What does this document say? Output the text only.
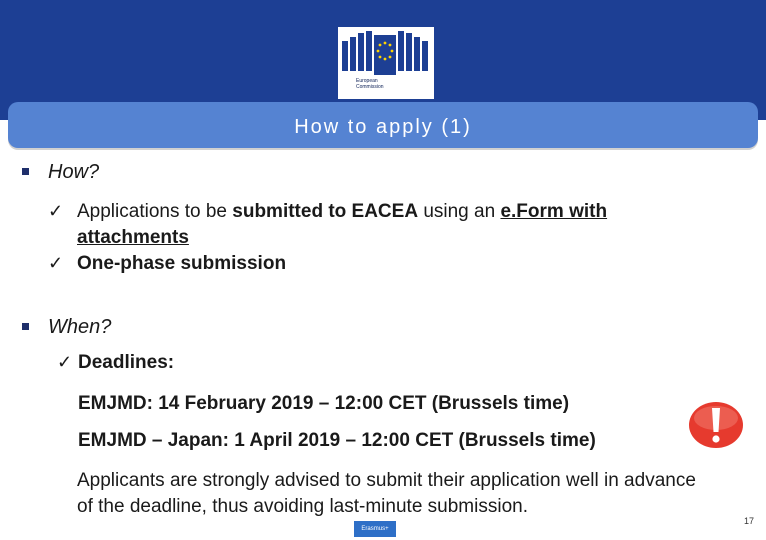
European
Commission
How to apply (1)
How?
✓ Applications to be submitted to EACEA using an e.Form with
attachments
✓ One-phase submission
When?
✓ Deadlines:
EMJMD: 14 February 2019 – 12:00 CET (Brussels time)
EMJMD – Japan: 1 April 2019 – 12:00 CET (Brussels time)
Applicants are strongly advised to submit their application well in advance of the deadline, thus avoiding last-minute submission.
Erasmus+
17
